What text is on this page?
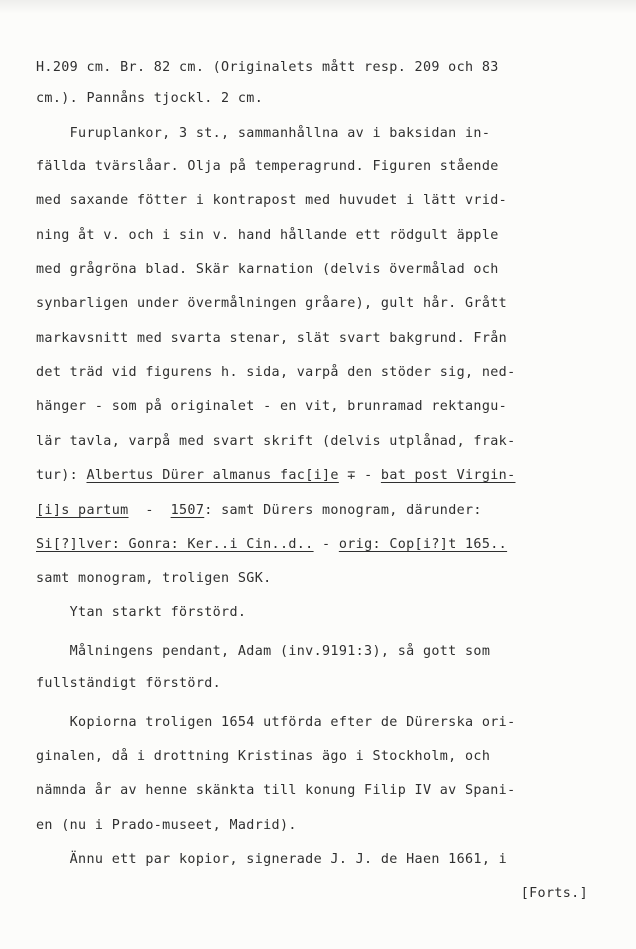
H.209 cm. Br. 82 cm. (Originalets mått resp. 209 och 83
cm.). Pannåns tjockl. 2 cm.
Furuplankor, 3 st., sammanhållna av i baksidan in-
fällda tvärslåar. Olja på temperagrund. Figuren stående
med saxande fötter i kontrapost med huvudet i lätt vrid-
ning åt v. och i sin v. hand hållande ett rödgult äpple
med grågröna blad. Skär karnation (delvis övermålad och
synbarligen under övermålningen gråare), gult hår. Grått
markavsnitt med svarta stenar, slät svart bakgrund. Från
det träd vid figurens h. sida, varpå den stöder sig, ned-
hänger - som på originalet - en vit, brunramad rektangu-
lär tavla, varpå med svart skrift (delvis utplånad, frak-
tur): Albertus Dürer almanus fac[i]e ∓ - bat post Virgin-
[i]s partum  -  1507: samt Dürers monogram, därunder:
Si[?]lver: Gonra: Ker..i Cin..d.. - orig: Cop[i?]t 165..
samt monogram, troligen SGK.
Ytan starkt förstörd.
Målningens pendant, Adam (inv.9191:3), så gott som
fullständigt förstörd.
Kopiorna troligen 1654 utförda efter de Dürerska ori-
ginalen, då i drottning Kristinas ägo i Stockholm, och
nämnda år av henne skänkta till konung Filip IV av Spani-
en (nu i Prado-museet, Madrid).
Ännu ett par kopior, signerade J. J. de Haen 1661, i
[Forts.]
